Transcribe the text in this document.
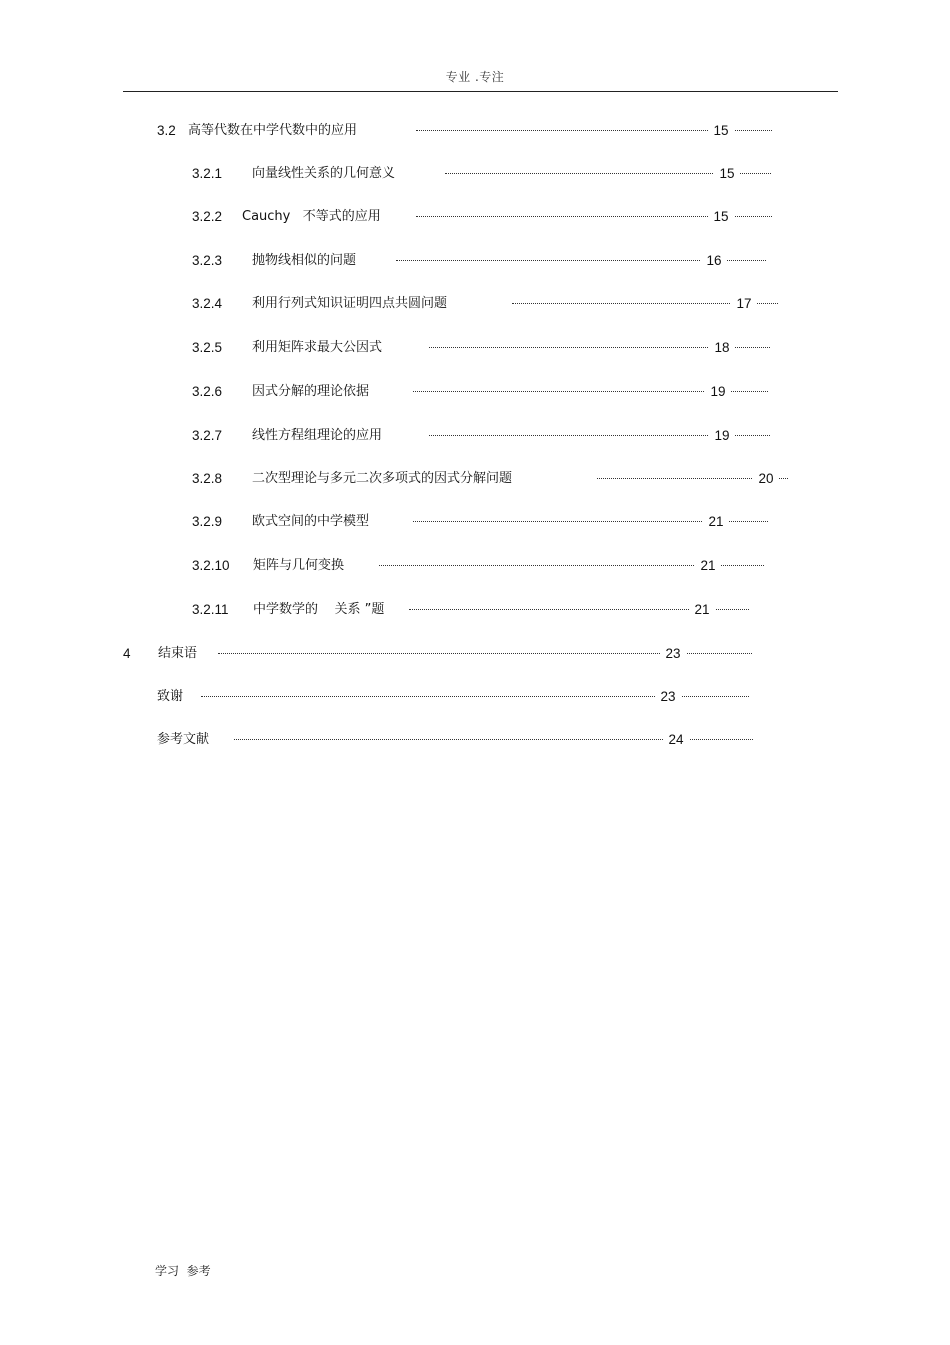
专业 .专注
3.2 高等代数在中学代数中的应用	15
3.2.1 向量线性关系的几何意义	15
3.2.2 Cauchy   不等式的应用	15
3.2.3 抛物线相似的问题	16
3.2.4 利用行列式知识证明四点共圆问题	17
3.2.5 利用矩阵求最大公因式	18
3.2.6 因式分解的理论依据	19
3.2.7 线性方程组理论的应用	19
3.2.8 二次型理论与多元二次多项式的因式分解问题	20
3.2.9 欧式空间的中学模型	21
3.2.10 矩阵与几何变换	21
3.2.11 中学数学的    关系 ”题	21
4 结束语	23
致谢	23
参考文献	24
学习  参考
